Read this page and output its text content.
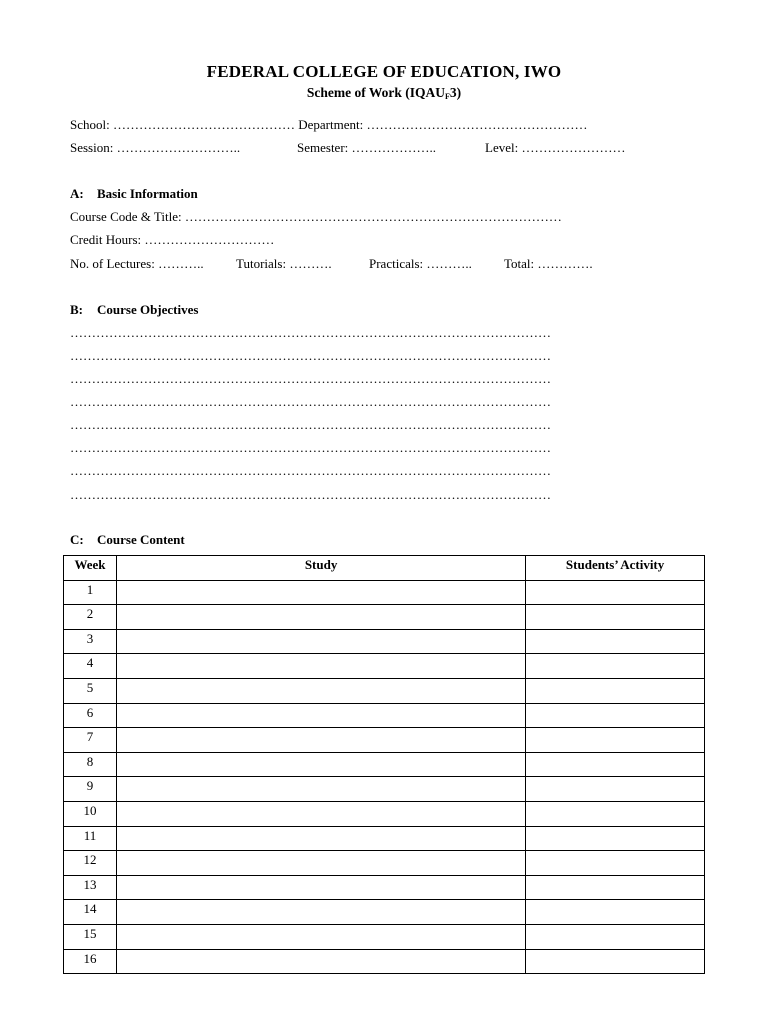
FEDERAL COLLEGE OF EDUCATION, IWO
Scheme of Work $(IQAU_F3)$
School: …………………………………… Department: ……………………………………………
Session: ………………………..	Semester: ………………..	Level: ……………………
A: Basic Information
Course Code & Title: ……………………………………………………………………………
Credit Hours: …………………………
No. of Lectures: ……….. Tutorials: ……….	Practicals: ……….. Total: ………….
B: Course Objectives
…………………………………………………………………………………………………
…………………………………………………………………………………………………
…………………………………………………………………………………………………
…………………………………………………………………………………………………
…………………………………………………………………………………………………
…………………………………………………………………………………………………
…………………………………………………………………………………………………
…………………………………………………………………………………………………
C: Course Content
Week	Study	Students’ Activity
1		
2		
3		
4		
5		
6		
7		
8		
9		
10		
11		
12		
13		
14		
15		
16		
